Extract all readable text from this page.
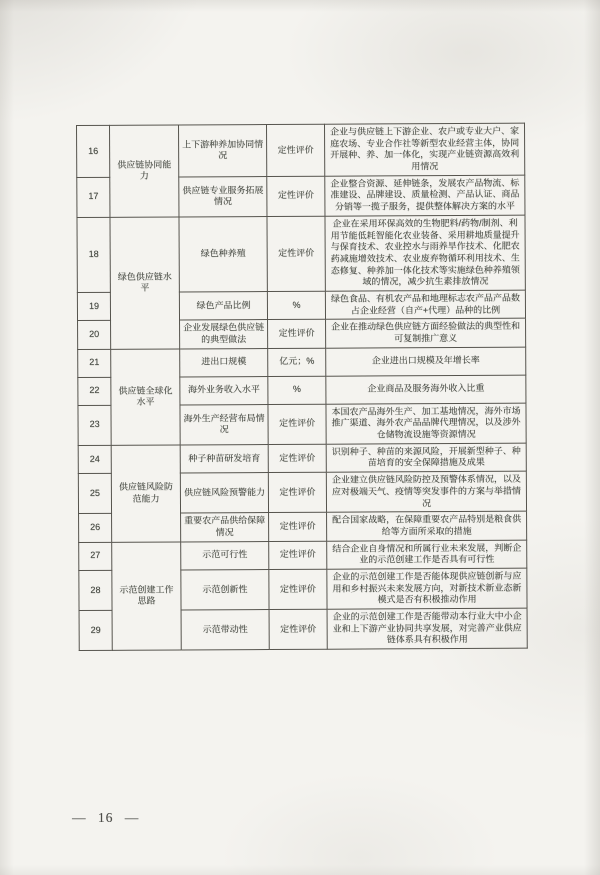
16	供应链协同能力	上下游种养加协同情况	定性评价	企业与供应链上下游企业、农户或专业大户、家庭农场、专业合作社等新型农业经营主体，协同开展种、养、加一体化，实现产业链资源高效利用情况
17		供应链专业服务拓展情况	定性评价	企业整合资源、延伸链条，发展农产品物流、标准建设、品牌建设、质量检测、产品认证、商品分销等一揽子服务，提供整体解决方案的水平
18	绿色供应链水平	绿色种养殖	定性评价	企业在采用环保高效的生物肥料/药物/制剂、利用节能低耗智能化农业装备、采用耕地质量提升与保育技术、农业控水与雨养旱作技术、化肥农药减施增效技术、农业废弃物循环利用技术、生态修复、种养加一体化技术等实施绿色种养殖领域的情况，减少抗生素排放情况
19		绿色产品比例	%	绿色食品、有机农产品和地理标志农产品产品数占企业经营（自产+代理）品种的比例
20		企业发展绿色供应链的典型做法	定性评价	企业在推动绿色供应链方面经验做法的典型性和可复制推广意义
21	供应链全球化水平	进出口规模	亿元；%	企业进出口规模及年增长率
22		海外业务收入水平	%	企业商品及服务海外收入比重
23		海外生产经营布局情况	定性评价	本国农产品海外生产、加工基地情况，海外市场推广渠道、海外农产品品牌代理情况，以及涉外仓储物流设施等资源情况
24	供应链风险防范能力	种子种苗研发培育	定性评价	识别种子、种苗的来源风险，开展新型种子、种苗培育的安全保障措施及成果
25		供应链风险预警能力	定性评价	企业建立供应链风险防控及预警体系情况，以及应对极端天气、疫情等突发事件的方案与举措情况
26		重要农产品供给保障情况	定性评价	配合国家战略，在保障重要农产品特别是粮食供给等方面所采取的措施
27	示范创建工作思路	示范可行性	定性评价	结合企业自身情况和所属行业未来发展，判断企业的示范创建工作是否具有可行性
28		示范创新性	定性评价	企业的示范创建工作是否能体现供应链创新与应用和乡村振兴未来发展方向，对新技术新业态新模式是否有积极推动作用
29		示范带动性	定性评价	企业的示范创建工作是否能带动本行业大中小企业和上下游产业协同共享发展，对完善产业供应链体系具有积极作用
— 16 —
